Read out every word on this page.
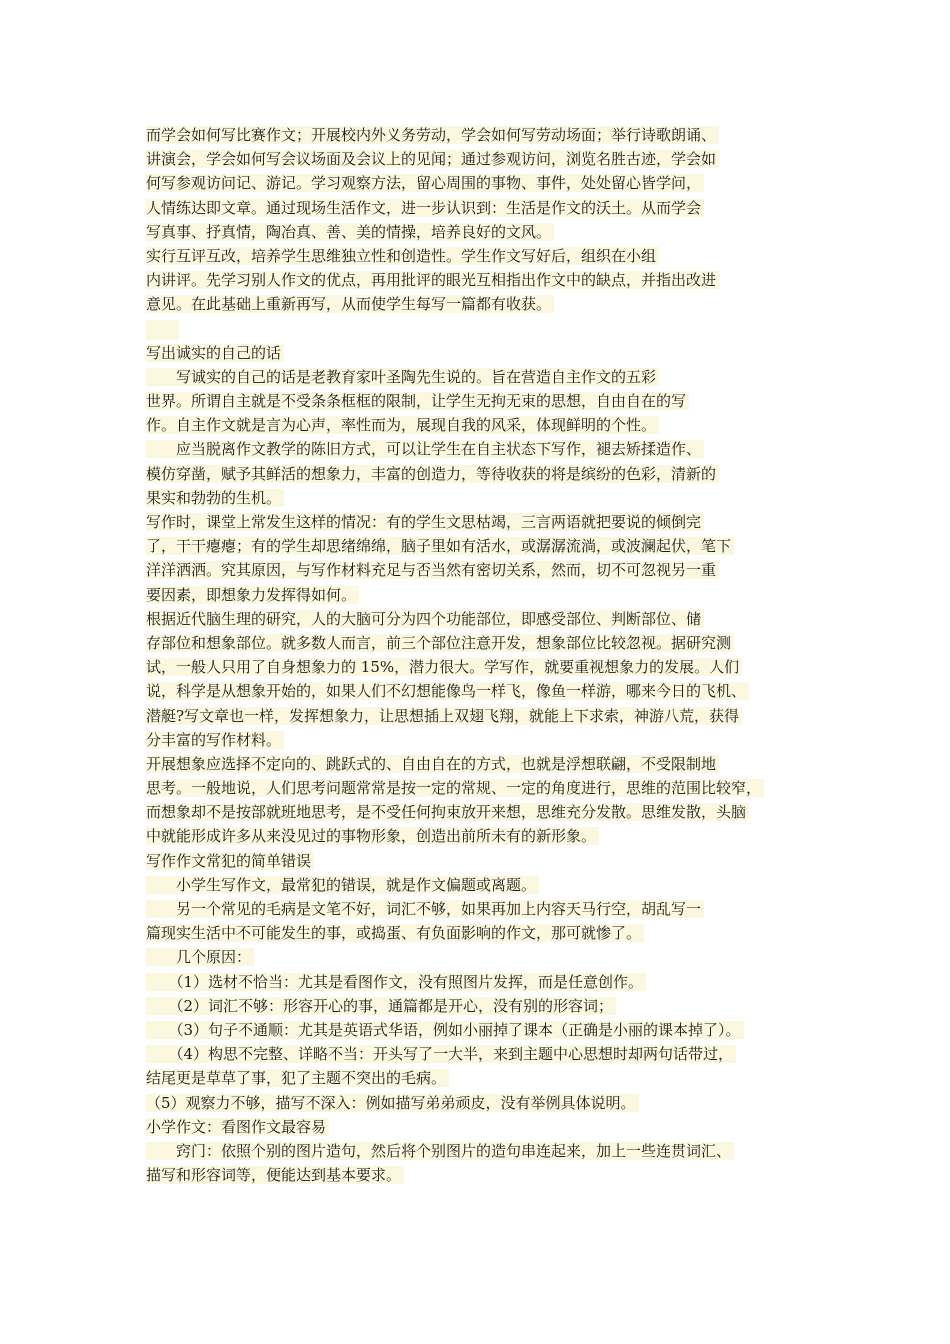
而学会如何写比赛作文；开展校内外义务劳动，学会如何写劳动场面；举行诗歌朗诵、
讲演会，学会如何写会议场面及会议上的见闻；通过参观访问，浏览名胜古迹，学会如
何写参观访问记、游记。学习观察方法，留心周围的事物、事件，处处留心皆学问，
人情练达即文章。通过现场生活作文，进一步认识到：生活是作文的沃土。从而学会
写真事、抒真情，陶冶真、善、美的情操，培养良好的文风。
实行互评互改，培养学生思维独立性和创造性。学生作文写好后，组织在小组
内讲评。先学习别人作文的优点，再用批评的眼光互相指出作文中的缺点，并指出改进
意见。在此基础上重新再写，从而使学生每写一篇都有收获。
写出诚实的自己的话
　　写诚实的自己的话是老教育家叶圣陶先生说的。旨在营造自主作文的五彩
世界。所谓自主就是不受条条框框的限制，让学生无拘无束的思想，自由自在的写
作。自主作文就是言为心声，率性而为，展现自我的风采，体现鲜明的个性。
　　应当脱离作文教学的陈旧方式，可以让学生在自主状态下写作，褪去矫揉造作、
模仿穿凿，赋予其鲜活的想象力，丰富的创造力，等待收获的将是缤纷的色彩，清新的
果实和勃勃的生机。
写作时，课堂上常发生这样的情况：有的学生文思枯竭，三言两语就把要说的倾倒完
了，干干瘪瘪；有的学生却思绪绵绵，脑子里如有活水，或潺潺流淌，或波澜起伏，笔下
洋洋洒洒。究其原因，与写作材料充足与否当然有密切关系，然而，切不可忽视另一重
要因素，即想象力发挥得如何。
根据近代脑生理的研究，人的大脑可分为四个功能部位，即感受部位、判断部位、储
存部位和想象部位。就多数人而言，前三个部位注意开发，想象部位比较忽视。据研究测
试，一般人只用了自身想象力的 15%，潜力很大。学写作，就要重视想象力的发展。人们
说，科学是从想象开始的，如果人们不幻想能像鸟一样飞，像鱼一样游，哪来今日的飞机、
潜艇?写文章也一样，发挥想象力，让思想插上双翅飞翔，就能上下求索，神游八荒，获得
分丰富的写作材料。
开展想象应选择不定向的、跳跃式的、自由自在的方式，也就是浮想联翩，不受限制地
思考。一般地说，人们思考问题常常是按一定的常规、一定的角度进行，思维的范围比较窄，
而想象却不是按部就班地思考，是不受任何拘束放开来想，思维充分发散。思维发散，头脑
中就能形成许多从来没见过的事物形象，创造出前所未有的新形象。
写作作文常犯的简单错误
　　小学生写作文，最常犯的错误，就是作文偏题或离题。
　　另一个常见的毛病是文笔不好，词汇不够，如果再加上内容天马行空，胡乱写一
篇现实生活中不可能发生的事，或捣蛋、有负面影响的作文，那可就惨了。
　　几个原因：
　　（1）选材不恰当：尤其是看图作文，没有照图片发挥，而是任意创作。
　　（2）词汇不够：形容开心的事，通篇都是开心，没有别的形容词；
　　（3）句子不通顺：尤其是英语式华语，例如小丽掉了课本（正确是小丽的课本掉了）。
　　（4）构思不完整、详略不当：开头写了一大半，来到主题中心思想时却两句话带过，
结尾更是草草了事，犯了主题不突出的毛病。
（5）观察力不够，描写不深入：例如描写弟弟顽皮，没有举例具体说明。
小学作文：看图作文最容易
　　窍门：依照个别的图片造句，然后将个别图片的造句串连起来，加上一些连贯词汇、
描写和形容词等，便能达到基本要求。
